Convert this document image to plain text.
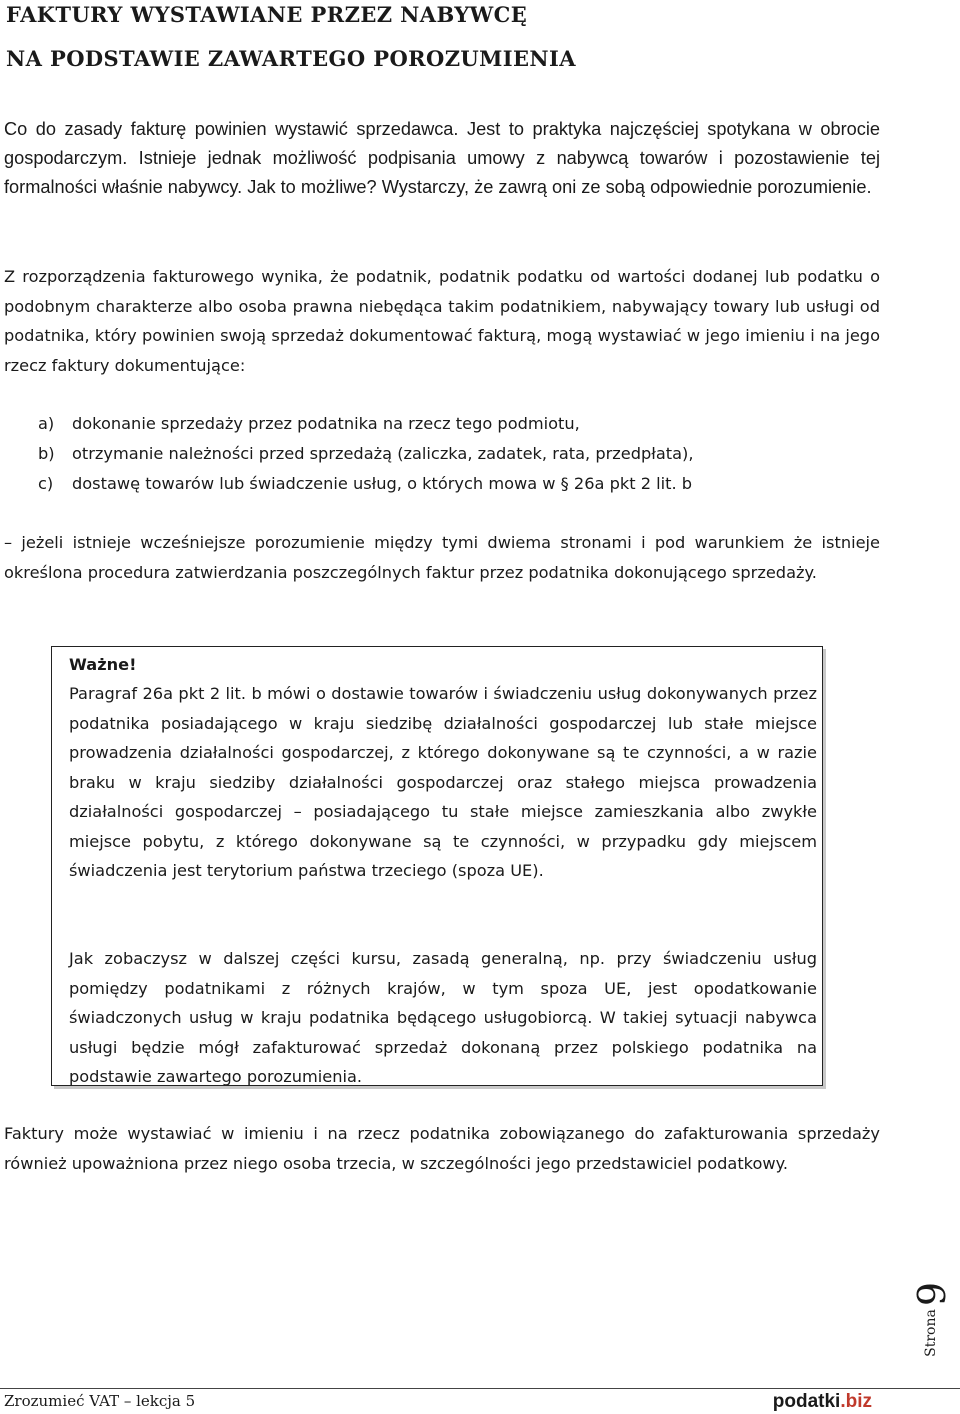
FAKTURY WYSTAWIANE PRZEZ NABYWCĘ
NA PODSTAWIE ZAWARTEGO POROZUMIENIA

Co do zasady fakturę powinien wystawić sprzedawca. Jest to praktyka najczęściej spotykana w obrocie gospodarczym. Istnieje jednak możliwość podpisania umowy z nabywcą towarów i pozostawienie tej formalności właśnie nabywcy. Jak to możliwe? Wystarczy, że zawrą oni ze sobą odpowiednie porozumienie.

Z rozporządzenia fakturowego wynika, że podatnik, podatnik podatku od wartości dodanej lub podatku o podobnym charakterze albo osoba prawna niebędąca takim podatnikiem, nabywający towary lub usługi od podatnika, który powinien swoją sprzedaż dokumentować fakturą, mogą wystawiać w jego imieniu i na jego rzecz faktury dokumentujące:

a) dokonanie sprzedaży przez podatnika na rzecz tego podmiotu,
b) otrzymanie należności przed sprzedażą (zaliczka, zadatek, rata, przedpłata),
c) dostawę towarów lub świadczenie usług, o których mowa w § 26a pkt 2 lit. b

– jeżeli istnieje wcześniejsze porozumienie między tymi dwiema stronami i pod warunkiem że istnieje określona procedura zatwierdzania poszczególnych faktur przez podatnika dokonującego sprzedaży.

Ważne!

Paragraf 26a pkt 2 lit. b mówi o dostawie towarów i świadczeniu usług dokonywanych przez podatnika posiadającego w kraju siedzibę działalności gospodarczej lub stałe miejsce prowadzenia działalności gospodarczej, z którego dokonywane są te czynności, a w razie braku w kraju siedziby działalności gospodarczej oraz stałego miejsca prowadzenia działalności gospodarczej – posiadającego tu stałe miejsce zamieszkania albo zwykłe miejsce pobytu, z którego dokonywane są te czynności, w przypadku gdy miejscem świadczenia jest terytorium państwa trzeciego (spoza UE).

Jak zobaczysz w dalszej części kursu, zasadą generalną, np. przy świadczeniu usług pomiędzy podatnikami z różnych krajów, w tym spoza UE, jest opodatkowanie świadczonych usług w kraju podatnika będącego usługobiorcą. W takiej sytuacji nabywca usługi będzie mógł zafakturować sprzedaż dokonaną przez polskiego podatnika na podstawie zawartego porozumienia.

Faktury może wystawiać w imieniu i na rzecz podatnika zobowiązanego do zafakturowania sprzedaży również upoważniona przez niego osoba trzecia, w szczególności jego przedstawiciel podatkowy.

9
Strona
Zrozumieć VAT – lekcja 5	podatki.biz
